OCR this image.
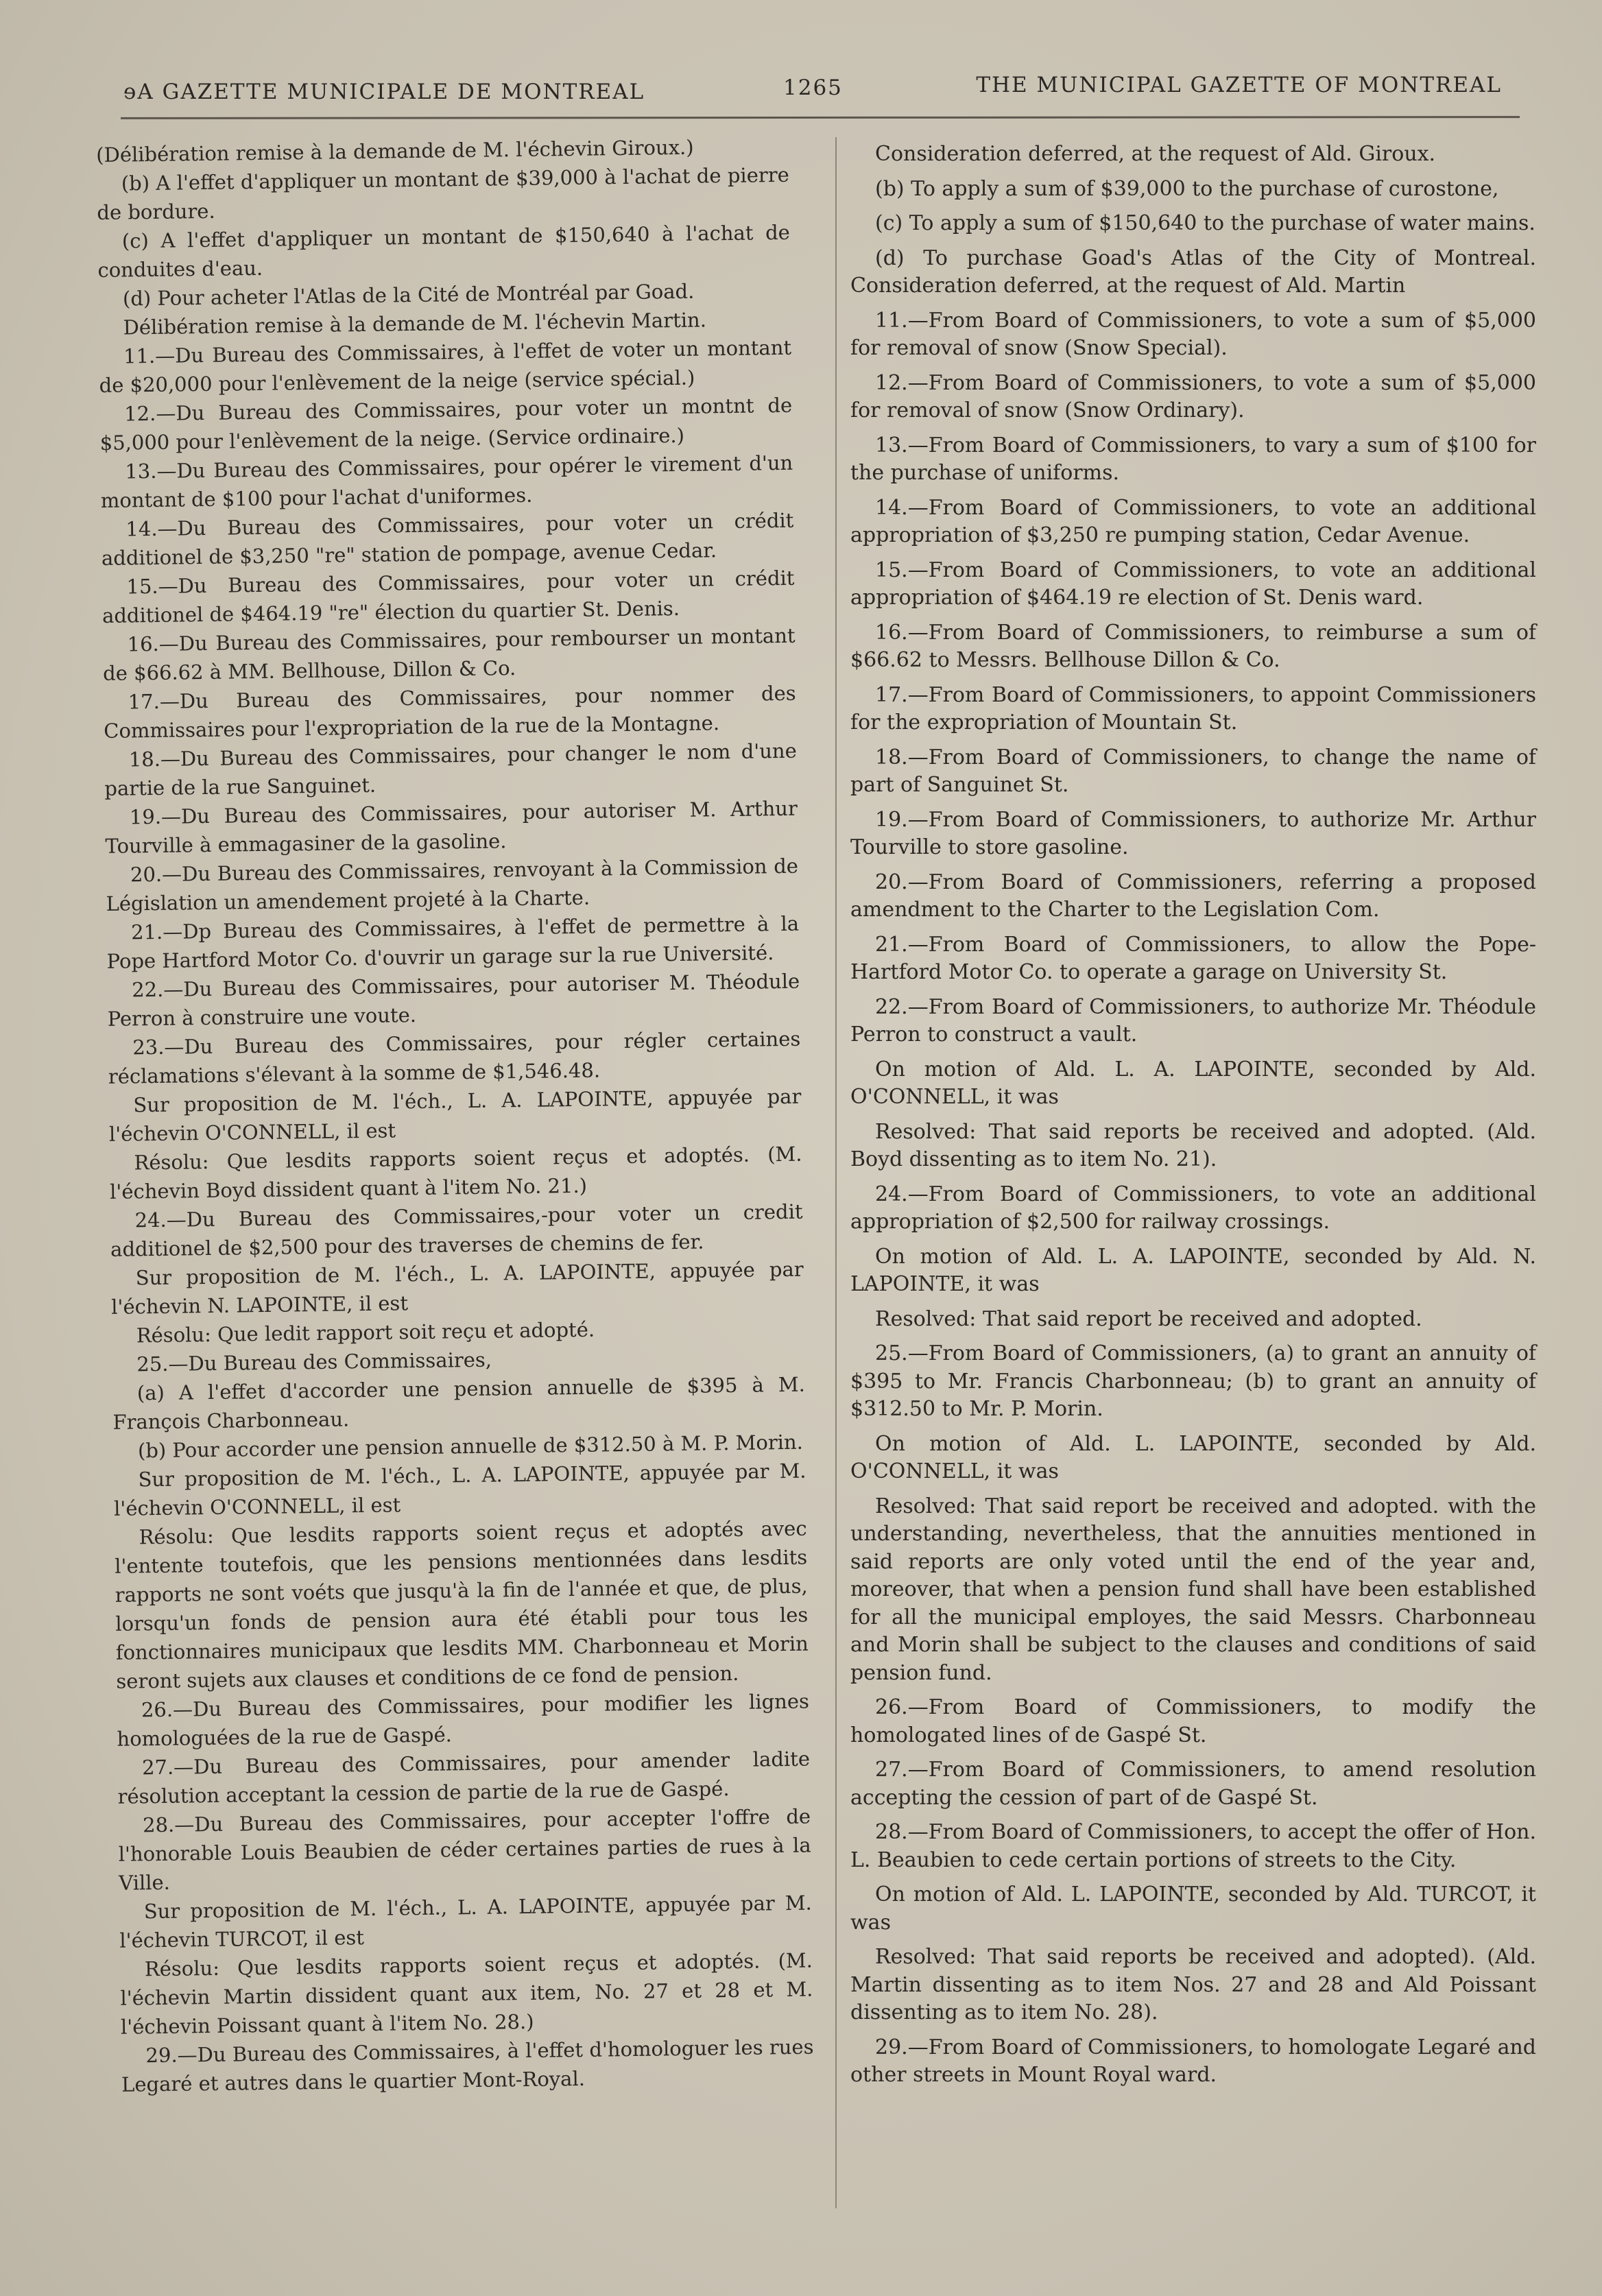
ɘA GAZETTE MUNICIPALE DE MONTREAL	1265	THE MUNICIPAL GAZETTE OF MONTREAL

(Délibération remise à la demande de M. l'échevin Giroux.)

(b) A l'effet d'appliquer un montant de $39,000 à l'achat de pierre de bordure.

(c) A l'effet d'appliquer un montant de $150,640 à l'achat de conduites d'eau.

(d) Pour acheter l'Atlas de la Cité de Montréal par Goad.

Délibération remise à la demande de M. l'échevin Martin.

11.—Du Bureau des Commissaires, à l'effet de voter un montant de $20,000 pour l'enlèvement de la neige (service spécial.)

12.—Du Bureau des Commissaires, pour voter un montnt de $5,000 pour l'enlèvement de la neige. (Service ordinaire.)

13.—Du Bureau des Commissaires, pour opérer le virement d'un montant de $100 pour l'achat d'uniformes.

14.—Du Bureau des Commissaires, pour voter un crédit additionel de $3,250 "re" station de pompage, avenue Cedar.

15.—Du Bureau des Commissaires, pour voter un crédit additionel de $464.19 "re" élection du quartier St. Denis.

16.—Du Bureau des Commissaires, pour rembourser un montant de $66.62 à MM. Bellhouse, Dillon & Co.

17.—Du Bureau des Commissaires, pour nommer des Commissaires pour l'expropriation de la rue de la Montagne.

18.—Du Bureau des Commissaires, pour changer le nom d'une partie de la rue Sanguinet.

19.—Du Bureau des Commissaires, pour autoriser M. Arthur Tourville à emmagasiner de la gasoline.

20.—Du Bureau des Commissaires, renvoyant à la Commission de Législation un amendement projeté à la Charte.

21.—Dp Bureau des Commissaires, à l'effet de permettre à la Pope Hartford Motor Co. d'ouvrir un garage sur la rue Université.

22.—Du Bureau des Commissaires, pour autoriser M. Théodule Perron à construire une voute.

23.—Du Bureau des Commissaires, pour régler certaines réclamations s'élevant à la somme de $1,546.48.

Sur proposition de M. l'éch., L. A. LAPOINTE, appuyée par l'échevin O'CONNELL, il est

Résolu: Que lesdits rapports soient reçus et adoptés. (M. l'échevin Boyd dissident quant à l'item No. 21.)

24.—Du Bureau des Commissaires,-pour voter un credit additionel de $2,500 pour des traverses de chemins de fer.

Sur proposition de M. l'éch., L. A. LAPOINTE, appuyée par l'échevin N. LAPOINTE, il est

Résolu: Que ledit rapport soit reçu et adopté.

25.—Du Bureau des Commissaires,

(a) A l'effet d'accorder une pension annuelle de $395 à M. François Charbonneau.

(b) Pour accorder une pension annuelle de $312.50 à M. P. Morin.

Sur proposition de M. l'éch., L. A. LAPOINTE, appuyée par M. l'échevin O'CONNELL, il est

Résolu: Que lesdits rapports soient reçus et adoptés avec l'entente toutefois, que les pensions mentionnées dans lesdits rapports ne sont voéts que jusqu'à la fin de l'année et que, de plus, lorsqu'un fonds de pension aura été établi pour tous les fonctionnaires municipaux que lesdits MM. Charbonneau et Morin seront sujets aux clauses et conditions de ce fond de pension.

26.—Du Bureau des Commissaires, pour modifier les lignes homologuées de la rue de Gaspé.

27.—Du Bureau des Commissaires, pour amender ladite résolution acceptant la cession de partie de la rue de Gaspé.

28.—Du Bureau des Commissaires, pour accepter l'offre de l'honorable Louis Beaubien de céder certaines parties de rues à la Ville.

Sur proposition de M. l'éch., L. A. LAPOINTE, appuyée par M. l'échevin TURCOT, il est

Résolu: Que lesdits rapports soient reçus et adoptés. (M. l'échevin Martin dissident quant aux item, No. 27 et 28 et M. l'échevin Poissant quant à l'item No. 28.)

29.—Du Bureau des Commissaires, à l'effet d'homologuer les rues Legaré et autres dans le quartier Mont-Royal.

Consideration deferred, at the request of Ald. Giroux.

(b) To apply a sum of $39,000 to the purchase of curostone,

(c) To apply a sum of $150,640 to the purchase of water mains.

(d) To purchase Goad's Atlas of the City of Montreal. Consideration deferred, at the request of Ald. Martin

11.—From Board of Commissioners, to vote a sum of $5,000 for removal of snow (Snow Special).

12.—From Board of Commissioners, to vote a sum of $5,000 for removal of snow (Snow Ordinary).

13.—From Board of Commissioners, to vary a sum of $100 for the purchase of uniforms.

14.—From Board of Commissioners, to vote an additional appropriation of $3,250 re pumping station, Cedar Avenue.

15.—From Board of Commissioners, to vote an additional appropriation of $464.19 re election of St. Denis ward.

16.—From Board of Commissioners, to reimburse a sum of $66.62 to Messrs. Bellhouse Dillon & Co.

17.—From Board of Commissioners, to appoint Commissioners for the expropriation of Mountain St.

18.—From Board of Commissioners, to change the name of part of Sanguinet St.

19.—From Board of Commissioners, to authorize Mr. Arthur Tourville to store gasoline.

20.—From Board of Commissioners, referring a proposed amendment to the Charter to the Legislation Com.

21.—From Board of Commissioners, to allow the Pope-Hartford Motor Co. to operate a garage on University St.

22.—From Board of Commissioners, to authorize Mr. Théodule Perron to construct a vault.

On motion of Ald. L. A. LAPOINTE, seconded by Ald. O'CONNELL, it was

Resolved: That said reports be received and adopted. (Ald. Boyd dissenting as to item No. 21).

24.—From Board of Commissioners, to vote an additional appropriation of $2,500 for railway crossings.

On motion of Ald. L. A. LAPOINTE, seconded by Ald. N. LAPOINTE, it was

Resolved: That said report be received and adopted.

25.—From Board of Commissioners, (a) to grant an annuity of $395 to Mr. Francis Charbonneau; (b) to grant an annuity of $312.50 to Mr. P. Morin.

On motion of Ald. L. LAPOINTE, seconded by Ald. O'CONNELL, it was

Resolved: That said report be received and adopted. with the understanding, nevertheless, that the annuities mentioned in said reports are only voted until the end of the year and, moreover, that when a pension fund shall have been established for all the municipal employes, the said Messrs. Charbonneau and Morin shall be subject to the clauses and conditions of said pension fund.

26.—From Board of Commissioners, to modify the homologated lines of de Gaspé St.

27.—From Board of Commissioners, to amend resolution accepting the cession of part of de Gaspé St.

28.—From Board of Commissioners, to accept the offer of Hon. L. Beaubien to cede certain portions of streets to the City.

On motion of Ald. L. LAPOINTE, seconded by Ald. TURCOT, it was

Resolved: That said reports be received and adopted). (Ald. Martin dissenting as to item Nos. 27 and 28 and Ald Poissant dissenting as to item No. 28).

29.—From Board of Commissioners, to homologate Legaré and other streets in Mount Royal ward.
